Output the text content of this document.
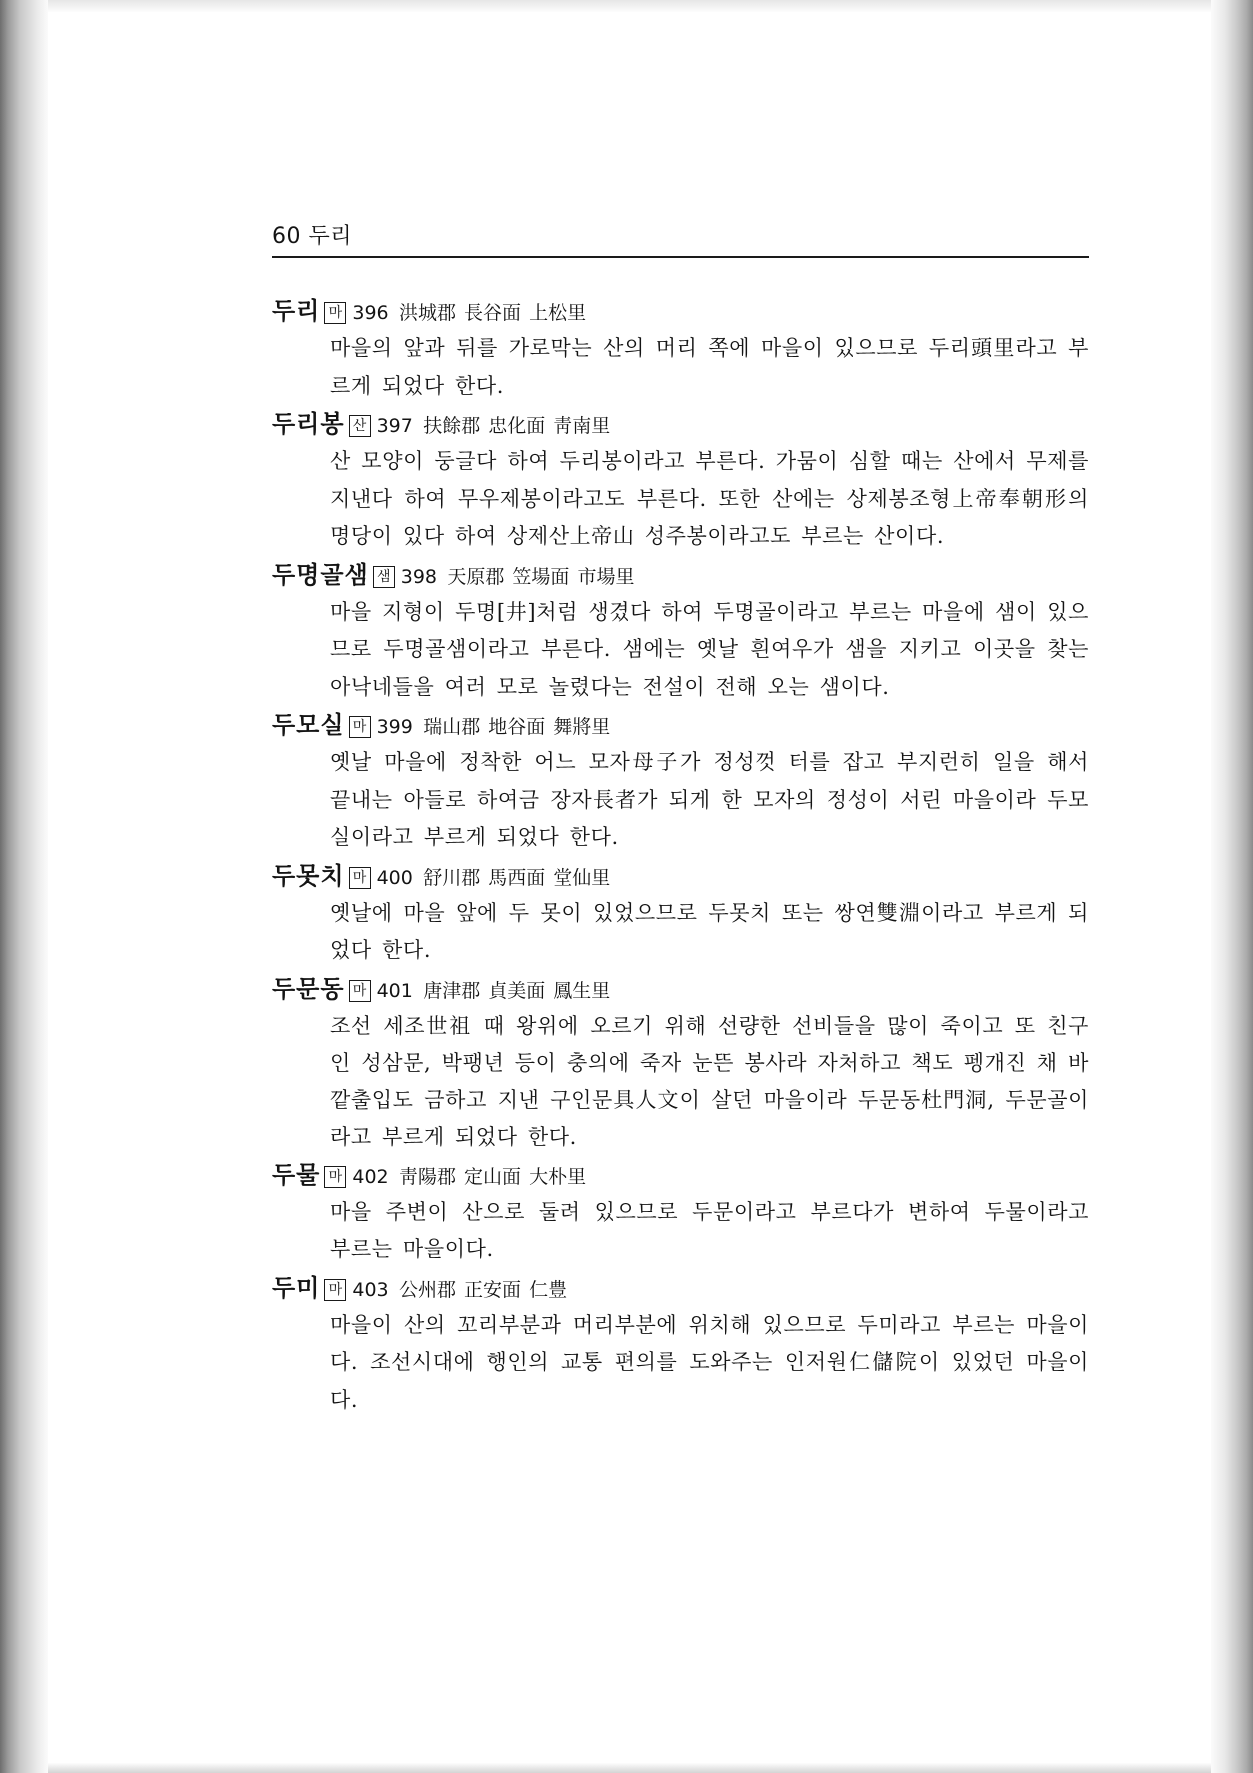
60 두리
두리 마 396 洪城郡 長谷面 上松里
마을의 앞과 뒤를 가로막는 산의 머리 쪽에 마을이 있으므로 두리頭里라고 부르게 되었다 한다.
두리봉 산 397 扶餘郡 忠化面 靑南里
산 모양이 둥글다 하여 두리봉이라고 부른다. 가뭄이 심할 때는 산에서 무제를 지낸다 하여 무우제봉이라고도 부른다. 또한 산에는 상제봉조형上帝奉朝形의 명당이 있다 하여 상제산上帝山 성주봉이라고도 부르는 산이다.
두명골샘 샘 398 天原郡 笠場面 市場里
마을 지형이 두명[井]처럼 생겼다 하여 두명골이라고 부르는 마을에 샘이 있으므로 두명골샘이라고 부른다. 샘에는 옛날 흰여우가 샘을 지키고 이곳을 찾는 아낙네들을 여러 모로 놀렸다는 전설이 전해 오는 샘이다.
두모실 마 399 瑞山郡 地谷面 舞將里
옛날 마을에 정착한 어느 모자母子가 정성껏 터를 잡고 부지런히 일을 해서 끝내는 아들로 하여금 장자長者가 되게 한 모자의 정성이 서린 마을이라 두모실이라고 부르게 되었다 한다.
두못치 마 400 舒川郡 馬西面 堂仙里
옛날에 마을 앞에 두 못이 있었으므로 두못치 또는 쌍연雙淵이라고 부르게 되었다 한다.
두문동 마 401 唐津郡 貞美面 鳳生里
조선 세조世祖 때 왕위에 오르기 위해 선량한 선비들을 많이 죽이고 또 친구인 성삼문, 박팽년 등이 충의에 죽자 눈뜬 봉사라 자처하고 책도 펭개진 채 바깥출입도 금하고 지낸 구인문具人文이 살던 마을이라 두문동杜門洞, 두문골이라고 부르게 되었다 한다.
두물 마 402 靑陽郡 定山面 大朴里
마을 주변이 산으로 둘려 있으므로 두문이라고 부르다가 변하여 두물이라고 부르는 마을이다.
두미 마 403 公州郡 正安面 仁豊
마을이 산의 꼬리부분과 머리부분에 위치해 있으므로 두미라고 부르는 마을이다. 조선시대에 행인의 교통 편의를 도와주는 인저원仁儲院이 있었던 마을이다.
